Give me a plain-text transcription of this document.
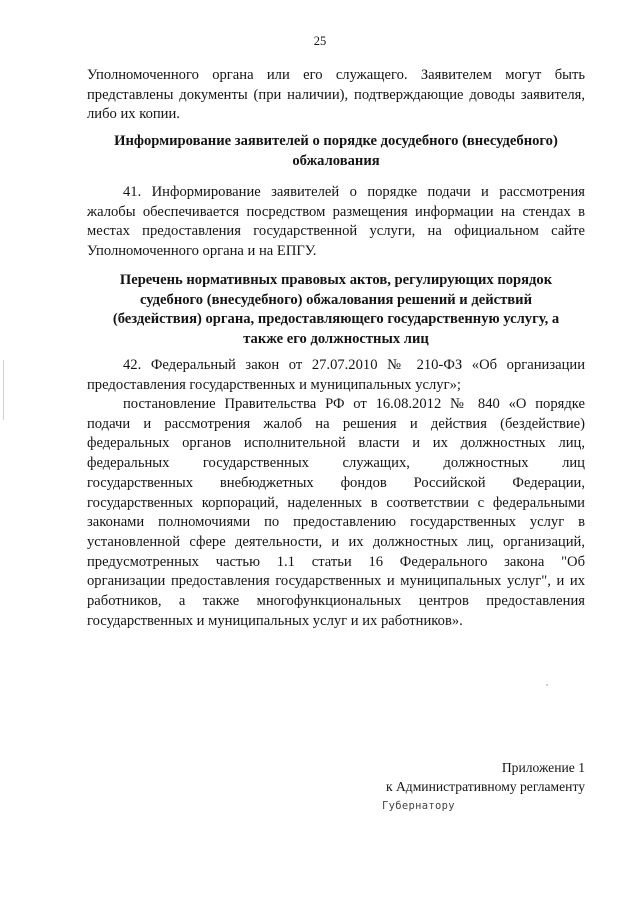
25
Уполномоченного органа или его служащего. Заявителем могут быть
представлены документы (при наличии), подтверждающие доводы заявителя,
либо их копии.
Информирование заявителей о порядке досудебного (внесудебного)
обжалования
41. Информирование заявителей о порядке подачи и рассмотрения
жалобы обеспечивается посредством размещения информации на стендах в
местах предоставления государственной услуги, на официальном сайте
Уполномоченного органа и на ЕПГУ.
Перечень нормативных правовых актов, регулирующих порядок
судебного (внесудебного) обжалования решений и действий
(бездействия) органа, предоставляющего государственную услугу, а
также его должностных лиц
42. Федеральный закон от 27.07.2010 № 210-ФЗ «Об организации
предоставления государственных и муниципальных услуг»;
постановление Правительства РФ от 16.08.2012 № 840 «О порядке
подачи и рассмотрения жалоб на решения и действия (бездействие)
федеральных органов исполнительной власти и их должностных лиц,
федеральных государственных служащих, должностных лиц
государственных внебюджетных фондов Российской Федерации,
государственных корпораций, наделенных в соответствии с федеральными
законами полномочиями по предоставлению государственных услуг в
установленной сфере деятельности, и их должностных лиц, организаций,
предусмотренных частью 1.1 статьи 16 Федерального закона "Об
организации предоставления государственных и муниципальных услуг", и их
работников, а также многофункциональных центров предоставления
государственных и муниципальных услуг и их работников».
Приложение 1
к Административному регламенту
Губернатору
